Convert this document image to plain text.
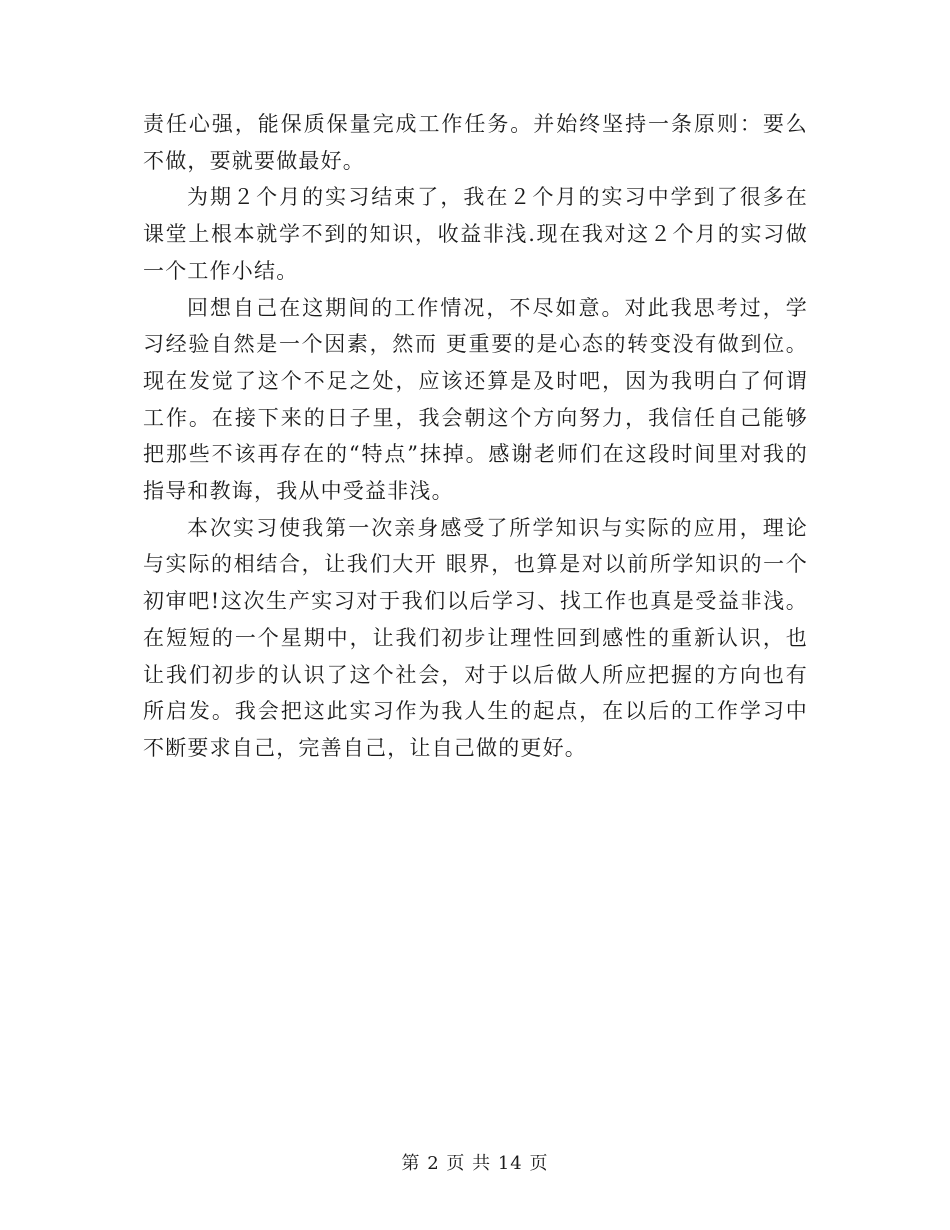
责任心强，能保质保量完成工作任务。并始终坚持一条原则：要么不做，要就要做最好。

为期２个月的实习结束了，我在２个月的实习中学到了很多在课堂上根本就学不到的知识，收益非浅.现在我对这２个月的实习做一个工作小结。

回想自己在这期间的工作情况，不尽如意。对此我思考过，学习经验自然是一个因素，然而 更重要的是心态的转变没有做到位。现在发觉了这个不足之处，应该还算是及时吧，因为我明白了何谓工作。在接下来的日子里，我会朝这个方向努力，我信任自己能够把那些不该再存在的“特点”抹掉。感谢老师们在这段时间里对我的指导和教诲，我从中受益非浅。

本次实习使我第一次亲身感受了所学知识与实际的应用，理论与实际的相结合，让我们大开 眼界，也算是对以前所学知识的一个初审吧!这次生产实习对于我们以后学习、找工作也真是受益非浅。在短短的一个星期中，让我们初步让理性回到感性的重新认识，也让我们初步的认识了这个社会，对于以后做人所应把握的方向也有所启发。我会把这此实习作为我人生的起点，在以后的工作学习中不断要求自己，完善自己，让自己做的更好。

第 2 页 共 14 页
